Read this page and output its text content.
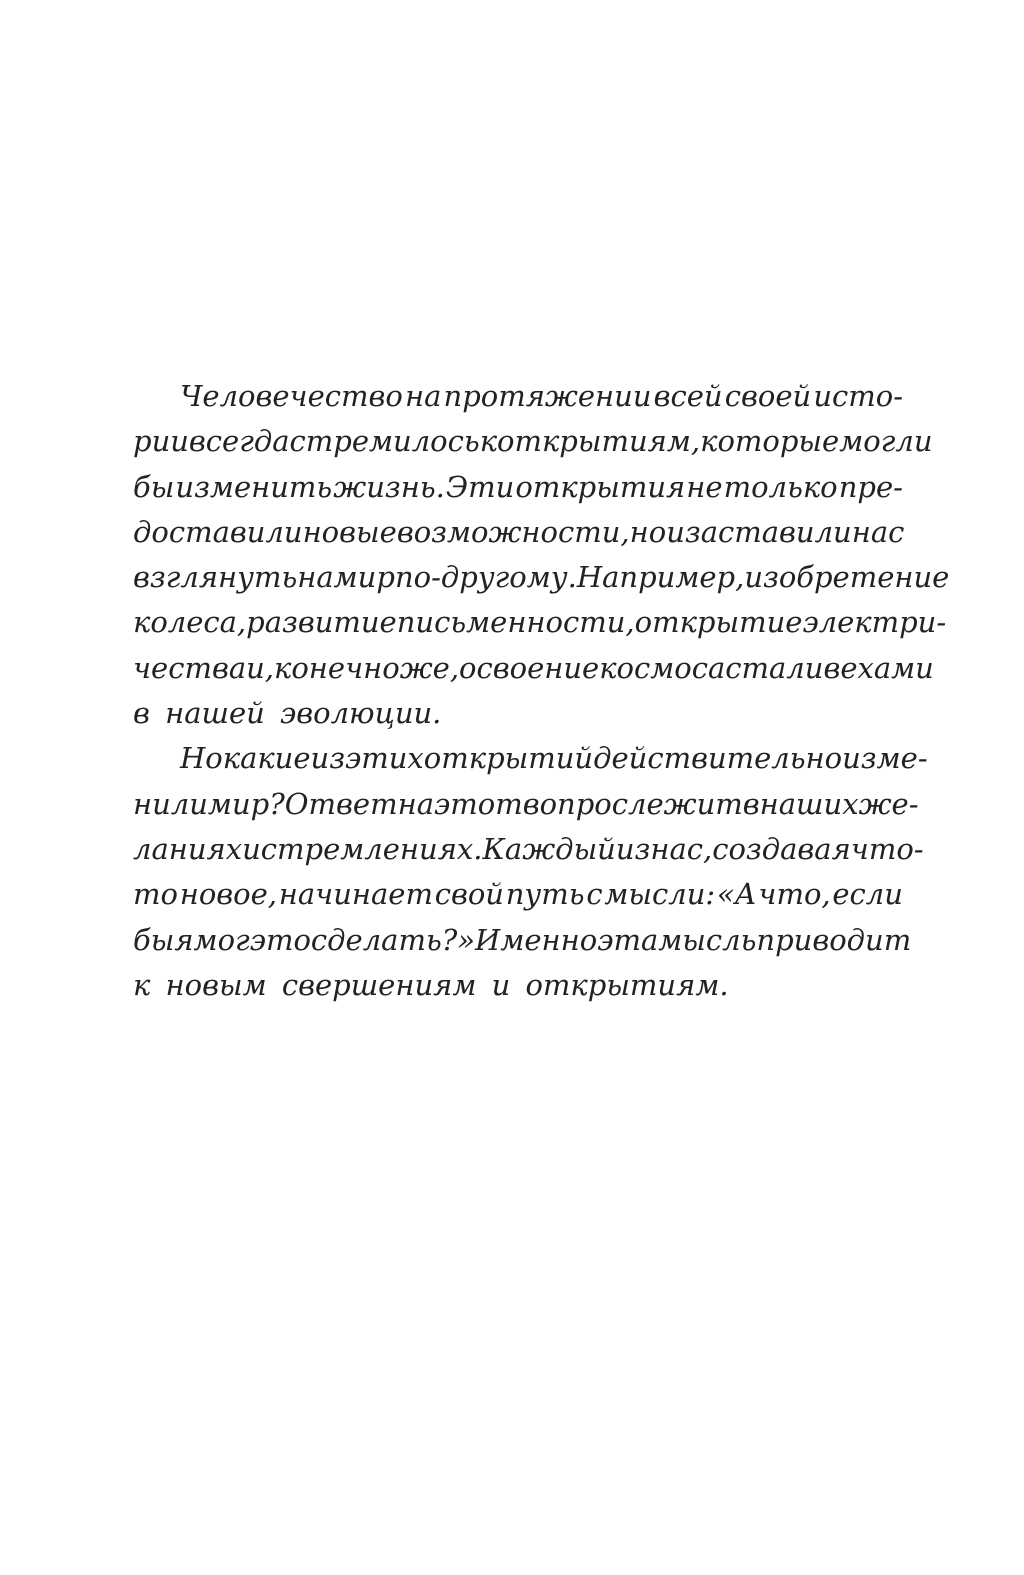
Человечество на протяжении всей своей исто-
рии всегда стремилось к открытиям, которые могли
бы изменить жизнь. Эти открытия не только пре-
доставили новые возможности, но и заставили нас
взглянуть на мир по-другому. Например, изобретение
колеса, развитие письменности, открытие электри-
чества и, конечно же, освоение космоса стали вехами
в нашей эволюции.
Но какие из этих открытий действительно изме-
нили мир? Ответ на этот вопрос лежит в наших же-
ланиях и стремлениях. Каждый из нас, создавая что-
то новое, начинает свой путь с мысли: «А что, если
бы я мог это сделать?» Именно эта мысль приводит
к новым свершениям и открытиям.
